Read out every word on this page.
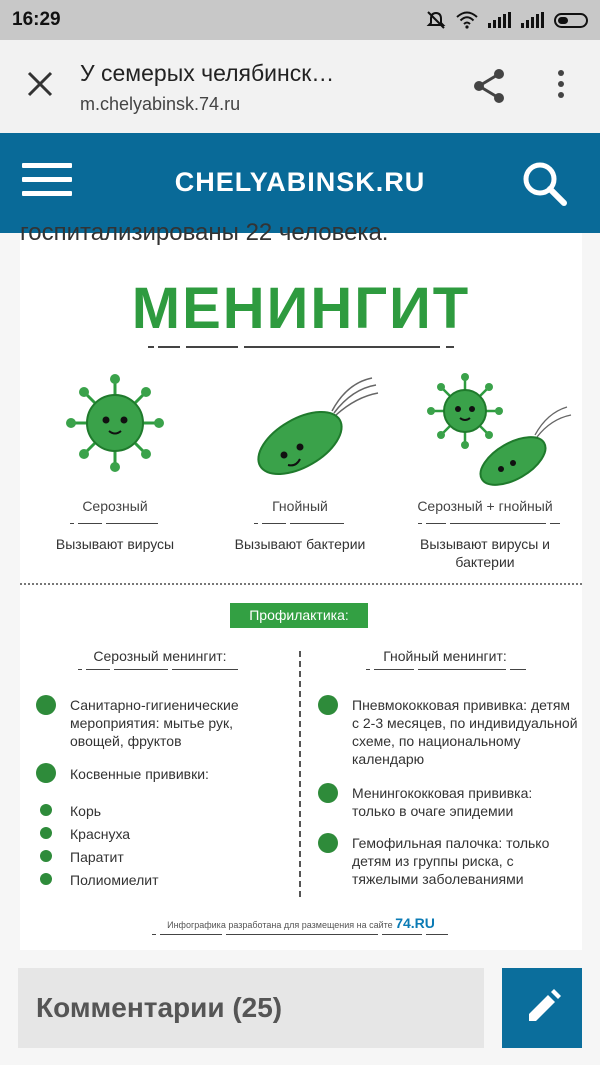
16:29
У семерых челябинск…
m.chelyabinsk.74.ru
CHELYABINSK.RU
госпитализированы 22 человека.
МЕНИНГИТ
Серозный	Гнойный	Серозный + гнойный
Вызывают вирусы	Вызывают бактерии	Вызывают вирусы и бактерии
Профилактика:
Серозный менингит:	Гнойный менингит:
Санитарно-гигиенические мероприятия: мытье рук, овощей, фруктов
Косвенные прививки:
Корь
Краснуха
Паратит
Полиомиелит
Пневмококковая прививка: детям с 2-3 месяцев, по индивидуальной схеме, по национальному календарю
Менингококковая прививка: только в очаге эпидемии
Гемофильная палочка: только детям из группы риска, с тяжелыми заболеваниями
Инфографика разработана для размещения на сайте 74.RU
Комментарии (25)
